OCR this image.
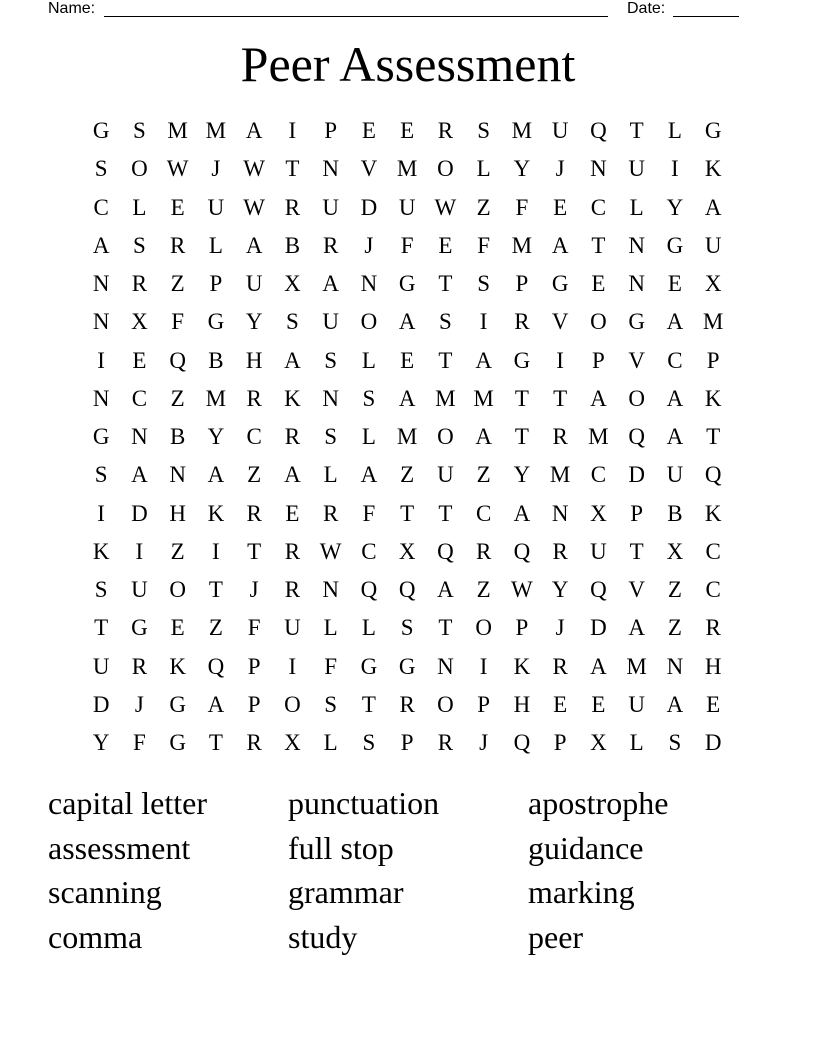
Name:	Date:
Peer Assessment
G	S M M A	I	P	E	E	R	S M U Q T	L G
S	O W J W T N V M O L Y	J	N U	I	K
C	L	E U W R U D U W Z	F	E	C	L Y A
A	S	R	L A B R	J	F	E	F M A T N G U
N R	Z	P	U X A N G T	S	P	G E N E X
N X	F	G Y	S	U O A	S	I	R V O G A M
I	E Q B H A	S	L	E	T A G	I	P	V C	P
N C	Z M R K N	S	A M M T	T A O A K
G N B Y C R	S	L M O A T	R M Q A T
S	A N A Z A L A Z U Z Y M C D U Q
I	D H K R	E	R	F	T	T	C A N X	P	B K
K	I	Z	I	T	R W C X Q R Q R U T X C
S	U O T	J	R N Q Q A Z W Y Q V Z	C
T G E	Z	F	U L	L	S	T O	P	J	D A Z	R
U R K Q	P	I	F	G G N	I	K R A M N H
D	J	G A	P	O	S	T	R O	P	H E	E U A E
Y	F	G T	R X L	S	P	R	J	Q	P	X L	S	D
capital letter	punctuation	apostrophe
assessment	full stop	guidance
scanning	grammar	marking
comma	study	peer
